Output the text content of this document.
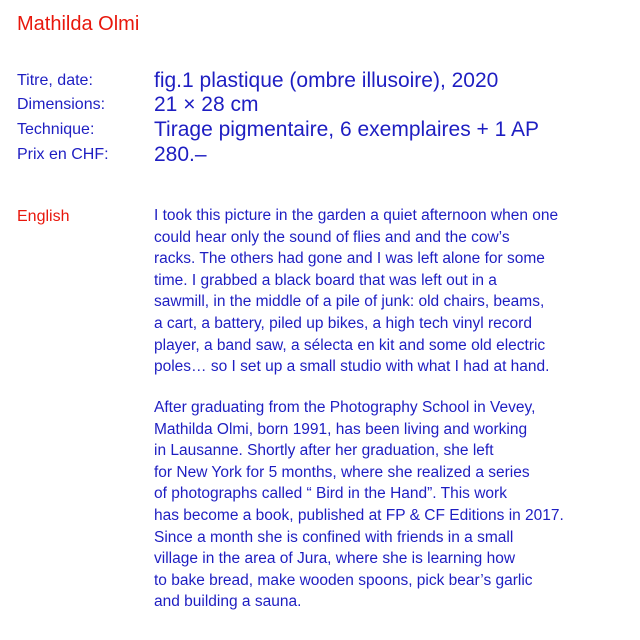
Mathilda Olmi
Titre, date:	fig.1 plastique (ombre illusoire), 2020
Dimensions: 21 × 28 cm
Technique:	Tirage pigmentaire, 6 exemplaires + 1 AP
Prix en CHF: 280.–
English	I took this picture in the garden a quiet afternoon when one
could hear only the sound of flies and and the cow’s
racks. The others had gone and I was left alone for some
time. I grabbed a black board that was left out in a
sawmill, in the middle of a pile of junk: old chairs, beams,
a cart, a battery, piled up bikes, a high tech vinyl record
player, a band saw, a sélecta en kit and some old electric
poles… so I set up a small studio with what I had at hand.
After graduating from the Photography School in Vevey,
Mathilda Olmi, born 1991, has been living and working
in Lausanne. Shortly after her graduation, she left
for New York for 5 months, where she realized a series
of photographs called “ Bird in the Hand”. This work
has become a book, published at FP & CF Editions in 2017.
Since a month she is confined with friends in a small
village in the area of Jura, where she is learning how
to bake bread, make wooden spoons, pick bear’s garlic
and building a sauna.
